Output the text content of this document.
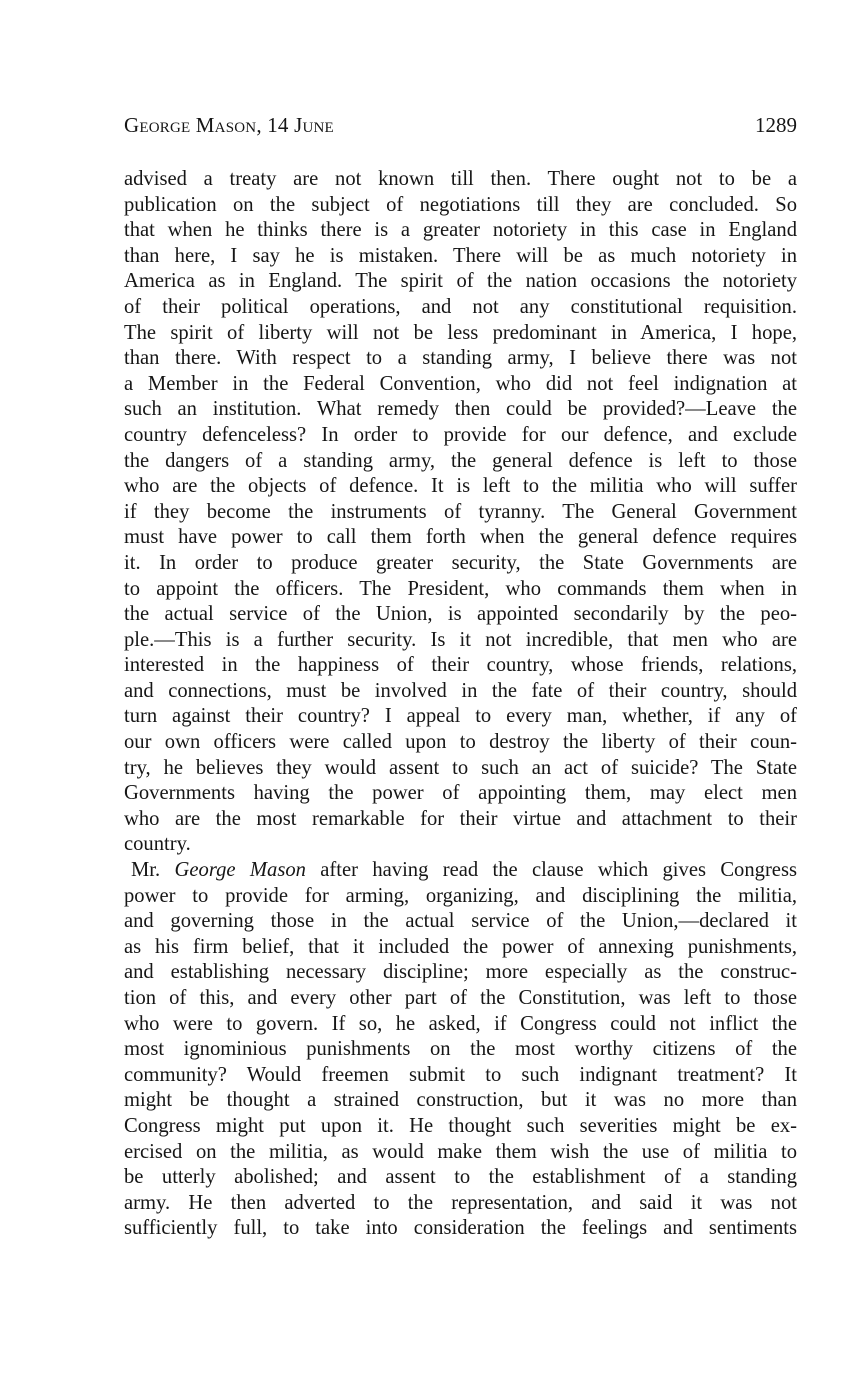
George Mason, 14 June	1289
advised a treaty are not known till then. There ought not to be a
publication on the subject of negotiations till they are concluded. So
that when he thinks there is a greater notoriety in this case in England
than here, I say he is mistaken. There will be as much notoriety in
America as in England. The spirit of the nation occasions the notoriety
of their political operations, and not any constitutional requisition.
The spirit of liberty will not be less predominant in America, I hope,
than there. With respect to a standing army, I believe there was not
a Member in the Federal Convention, who did not feel indignation at
such an institution. What remedy then could be provided?—Leave the
country defenceless? In order to provide for our defence, and exclude
the dangers of a standing army, the general defence is left to those
who are the objects of defence. It is left to the militia who will suffer
if they become the instruments of tyranny. The General Government
must have power to call them forth when the general defence requires
it. In order to produce greater security, the State Governments are
to appoint the officers. The President, who commands them when in
the actual service of the Union, is appointed secondarily by the peo-
ple.—This is a further security. Is it not incredible, that men who are
interested in the happiness of their country, whose friends, relations,
and connections, must be involved in the fate of their country, should
turn against their country? I appeal to every man, whether, if any of
our own officers were called upon to destroy the liberty of their coun-
try, he believes they would assent to such an act of suicide? The State
Governments having the power of appointing them, may elect men
who are the most remarkable for their virtue and attachment to their
country.
Mr. George Mason after having read the clause which gives Congress
power to provide for arming, organizing, and disciplining the militia,
and governing those in the actual service of the Union,—declared it
as his firm belief, that it included the power of annexing punishments,
and establishing necessary discipline; more especially as the construc-
tion of this, and every other part of the Constitution, was left to those
who were to govern. If so, he asked, if Congress could not inflict the
most ignominious punishments on the most worthy citizens of the
community? Would freemen submit to such indignant treatment? It
might be thought a strained construction, but it was no more than
Congress might put upon it. He thought such severities might be ex-
ercised on the militia, as would make them wish the use of militia to
be utterly abolished; and assent to the establishment of a standing
army. He then adverted to the representation, and said it was not
sufficiently full, to take into consideration the feelings and sentiments
